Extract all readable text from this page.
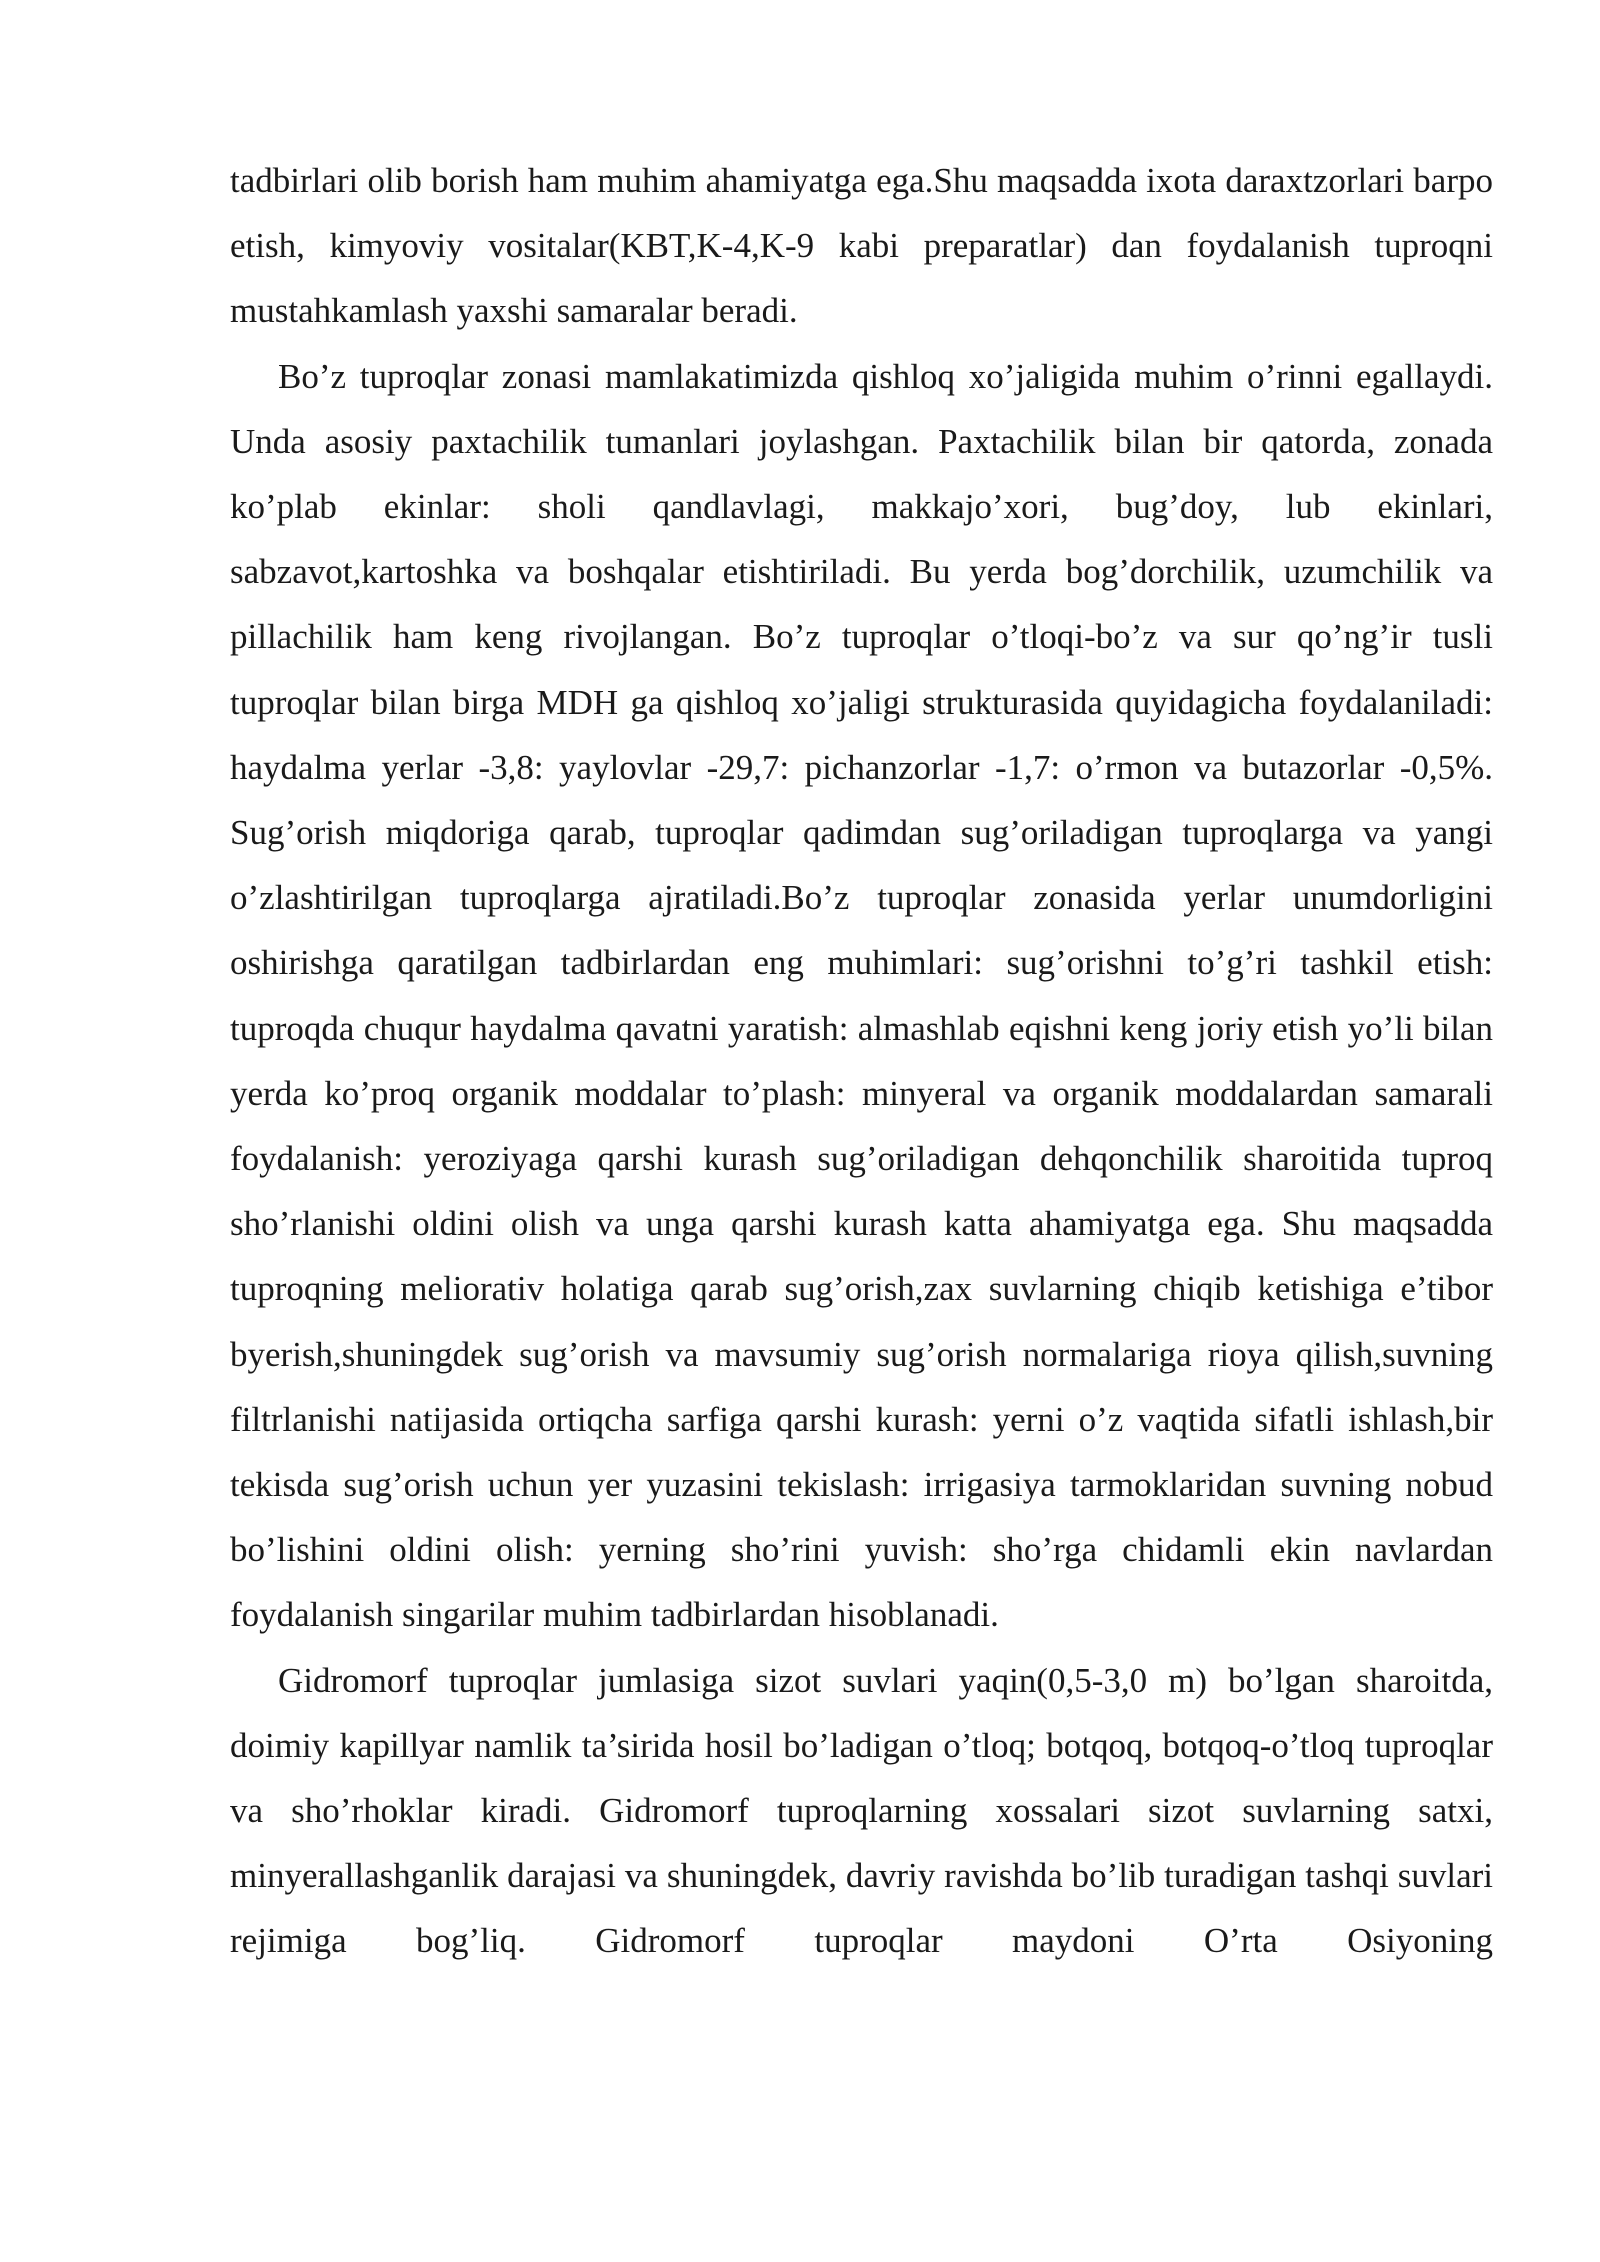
tadbirlari olib borish ham muhim ahamiyatga ega.Shu maqsadda ixota daraxtzorlari barpo etish, kimyoviy vositalar(KBT,K-4,K-9 kabi preparatlar) dan foydalanish tuproqni mustahkamlash yaxshi samaralar beradi.

Bo’z tuproqlar zonasi mamlakatimizda qishloq xo’jaligida muhim o’rinni egallaydi. Unda asosiy paxtachilik tumanlari joylashgan. Paxtachilik bilan bir qatorda, zonada ko’plab ekinlar: sholi qandlavlagi, makkajo’xori, bug’doy, lub ekinlari, sabzavot,kartoshka va boshqalar etishtiriladi. Bu yerda bog’dorchilik, uzumchilik va pillachilik ham keng rivojlangan. Bo’z tuproqlar o’tloqi-bo’z va sur qo’ng’ir tusli tuproqlar bilan birga MDH ga qishloq xo’jaligi strukturasida quyidagicha foydalaniladi: haydalma yerlar -3,8: yaylovlar -29,7: pichanzorlar -1,7: o’rmon va butazorlar -0,5%. Sug’orish miqdoriga qarab, tuproqlar qadimdan sug’oriladigan tuproqlarga va yangi o’zlashtirilgan tuproqlarga ajratiladi.Bo’z tuproqlar zonasida yerlar unumdorligini oshirishga qaratilgan tadbirlardan eng muhimlari: sug’orishni to’g’ri tashkil etish: tuproqda chuqur haydalma qavatni yaratish: almashlab eqishni keng joriy etish yo’li bilan yerda ko’proq organik moddalar to’plash: minyeral va organik moddalardan samarali foydalanish: yeroziyaga qarshi kurash sug’oriladigan dehqonchilik sharoitida tuproq sho’rlanishi oldini olish va unga qarshi kurash katta ahamiyatga ega. Shu maqsadda tuproqning meliorativ holatiga qarab sug’orish,zax suvlarning chiqib ketishiga e’tibor byerish,shuningdek sug’orish va mavsumiy sug’orish normalariga rioya qilish,suvning filtrlanishi natijasida ortiqcha sarfiga qarshi kurash: yerni o’z vaqtida sifatli ishlash,bir tekisda sug’orish uchun yer yuzasini tekislash: irrigasiya tarmoklaridan suvning nobud bo’lishini oldini olish: yerning sho’rini yuvish: sho’rga chidamli ekin navlardan foydalanish singarilar muhim tadbirlardan hisoblanadi.

Gidromorf tuproqlar jumlasiga sizot suvlari yaqin(0,5-3,0 m) bo’lgan sharoitda, doimiy kapillyar namlik ta’sirida hosil bo’ladigan o’tloq; botqoq, botqoq-o’tloq tuproqlar va sho’rhoklar kiradi. Gidromorf tuproqlarning xossalari sizot suvlarning satxi, minyerallashganlik darajasi va shuningdek, davriy ravishda bo’lib turadigan tashqi suvlari rejimiga bog’liq. Gidromorf tuproqlar maydoni O’rta Osiyoning
